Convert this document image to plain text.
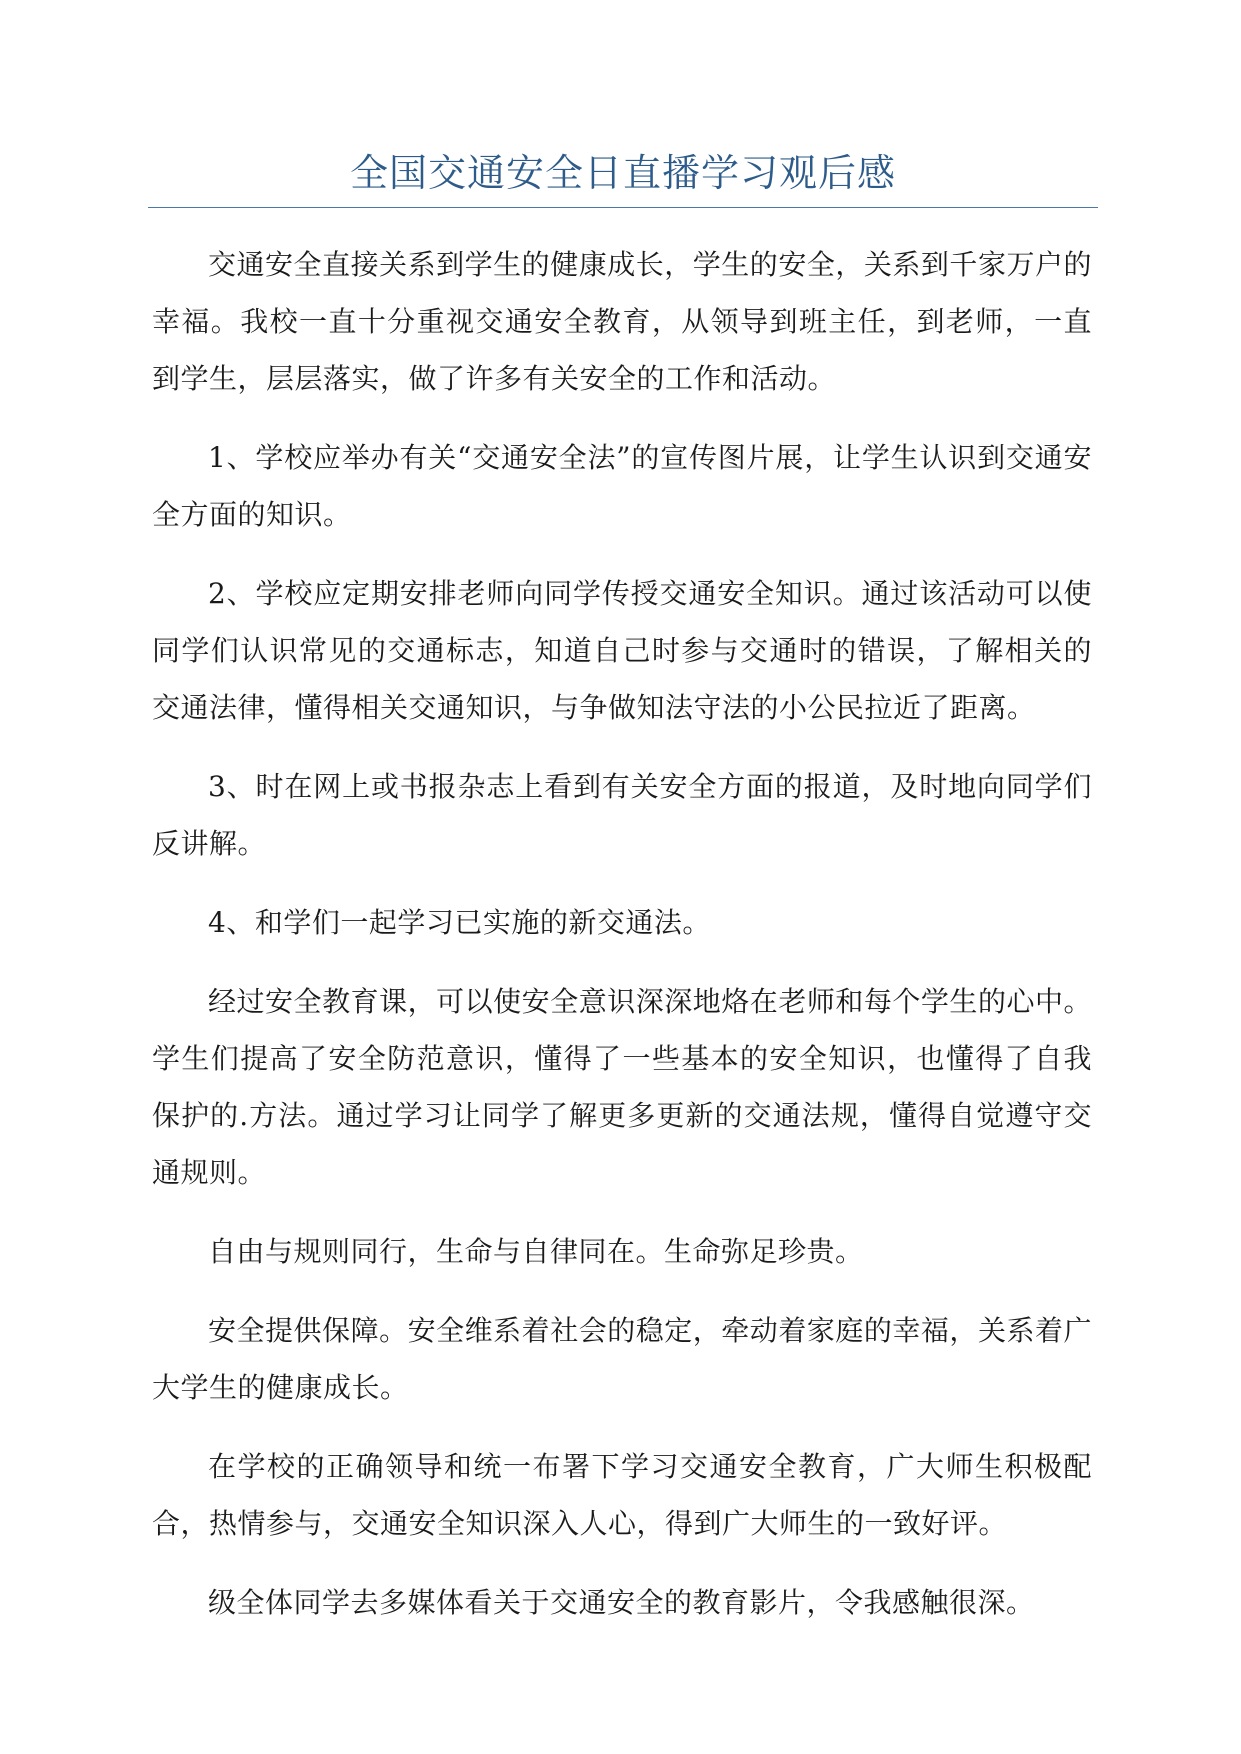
全国交通安全日直播学习观后感

交通安全直接关系到学生的健康成长，学生的安全，关系到千家万户的幸福。我校一直十分重视交通安全教育，从领导到班主任，到老师，一直到学生，层层落实，做了许多有关安全的工作和活动。

1、学校应举办有关“交通安全法”的宣传图片展，让学生认识到交通安全方面的知识。

2、学校应定期安排老师向同学传授交通安全知识。通过该活动可以使同学们认识常见的交通标志，知道自己时参与交通时的错误，了解相关的交通法律，懂得相关交通知识，与争做知法守法的小公民拉近了距离。

3、时在网上或书报杂志上看到有关安全方面的报道，及时地向同学们反讲解。

4、和学们一起学习已实施的新交通法。

经过安全教育课，可以使安全意识深深地烙在老师和每个学生的心中。学生们提高了安全防范意识，懂得了一些基本的安全知识，也懂得了自我保护的.方法。通过学习让同学了解更多更新的交通法规，懂得自觉遵守交通规则。

自由与规则同行，生命与自律同在。生命弥足珍贵。

安全提供保障。安全维系着社会的稳定，牵动着家庭的幸福，关系着广大学生的健康成长。

在学校的正确领导和统一布署下学习交通安全教育，广大师生积极配合，热情参与，交通安全知识深入人心，得到广大师生的一致好评。

级全体同学去多媒体看关于交通安全的教育影片，令我感触很深。
